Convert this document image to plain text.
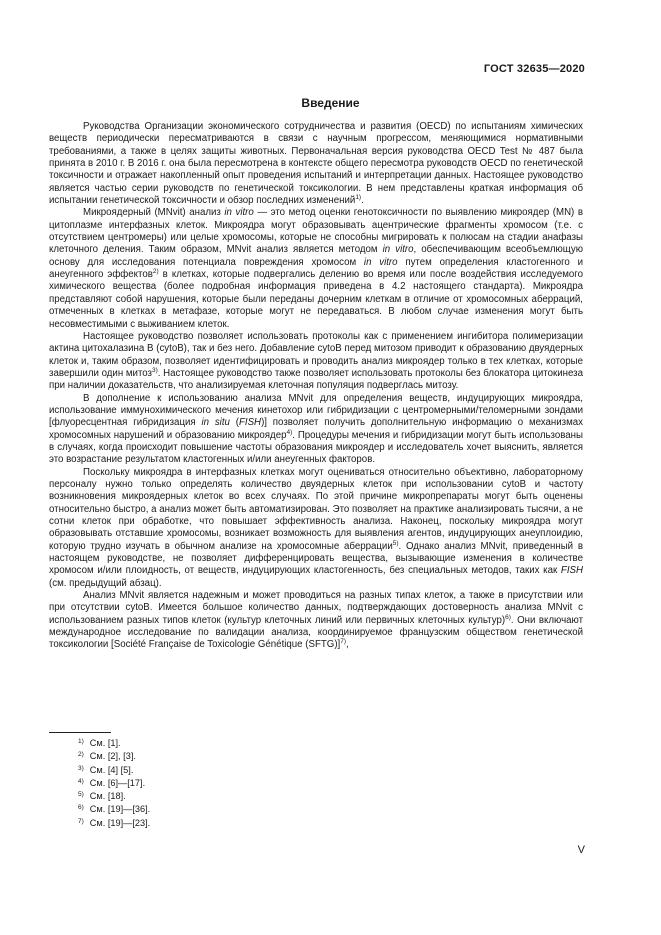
ГОСТ 32635—2020
Введение

Руководства Организации экономического сотрудничества и развития (OECD) по испытаниям химических веществ периодически пересматриваются в связи с научным прогрессом, меняющимися нормативными требованиями, а также в целях защиты животных. Первоначальная версия руководства OECD Test № 487 была принята в 2010 г. В 2016 г. она была пересмотрена в контексте общего пересмотра руководств OECD по генетической токсичности и отражает накопленный опыт проведения испытаний и интерпретации данных. Настоящее руководство является частью серии руководств по генетической токсикологии. В нем представлены краткая информация об испытании генетической токсичности и обзор последних изменений$^{1)}$.

Микроядерный (MNvit) анализ in vitro — это метод оценки генотоксичности по выявлению микроядер (MN) в цитоплазме интерфазных клеток. Микроядра могут образовывать ацентрические фрагменты хромосом (т.е. с отсутствием центромеры) или целые хромосомы, которые не способны мигрировать к полюсам на стадии анафазы клеточного деления. Таким образом, MNvit анализ является методом in vitro, обеспечивающим всеобъемлющую основу для исследования потенциала повреждения хромосом in vitro путем определения кластогенного и анеугенного эффектов$^{2)}$ в клетках, которые подвергались делению во время или после воздействия исследуемого химического вещества (более подробная информация приведена в 4.2 настоящего стандарта). Микроядра представляют собой нарушения, которые были переданы дочерним клеткам в отличие от хромосомных аберраций, отмеченных в клетках в метафазе, которые могут не передаваться. В любом случае изменения могут быть несовместимыми с выживанием клеток.

Настоящее руководство позволяет использовать протоколы как с применением ингибитора полимеризации актина цитохалазина В (cytoB), так и без него. Добавление cytoB перед митозом приводит к образованию двуядерных клеток и, таким образом, позволяет идентифицировать и проводить анализ микроядер только в тех клетках, которые завершили один митоз$^{3)}$. Настоящее руководство также позволяет использовать протоколы без блокатора цитокинеза при наличии доказательств, что анализируемая клеточная популяция подверглась митозу.

В дополнение к использованию анализа MNvit для определения веществ, индуцирующих микроядра, использование иммунохимического мечения кинетохор или гибридизации с центромерными/теломерными зондами [флуоресцентная гибридизация in situ (FISH)] позволяет получить дополнительную информацию о механизмах хромосомных нарушений и образованию микроядер$^{4)}$. Процедуры мечения и гибридизации могут быть использованы в случаях, когда происходит повышение частоты образования микроядер и исследователь хочет выяснить, является это возрастание результатом кластогенных и/или анеугенных факторов.

Поскольку микроядра в интерфазных клетках могут оцениваться относительно объективно, лабораторному персоналу нужно только определять количество двуядерных клеток при использовании cytoB и частоту возникновения микроядерных клеток во всех случаях. По этой причине микропрепараты могут быть оценены относительно быстро, а анализ может быть автоматизирован. Это позволяет на практике анализировать тысячи, а не сотни клеток при обработке, что повышает эффективность анализа. Наконец, поскольку микроядра могут образовывать отставшие хромосомы, возникает возможность для выявления агентов, индуцирующих анеуплоидию, которую трудно изучать в обычном анализе на хромосомные аберрации$^{5)}$. Однако анализ MNvit, приведенный в настоящем руководстве, не позволяет дифференцировать вещества, вызывающие изменения в количестве хромосом и/или плоидность, от веществ, индуцирующих кластогенность, без специальных методов, таких как FISH (см. предыдущий абзац).

Анализ MNvit является надежным и может проводиться на разных типах клеток, а также в присутствии или при отсутствии cytoB. Имеется большое количество данных, подтверждающих достоверность анализа MNvit с использованием разных типов клеток (культур клеточных линий или первичных клеточных культур)$^{6)}$. Они включают международное исследование по валидации анализа, координируемое французским обществом генетической токсикологии [Société Française de Toxicologie Génétique (SFTG)]$^{7)}$,

$^{1)}$ См. [1].
$^{2)}$ См. [2], [3].
$^{3)}$ См. [4] [5].
$^{4)}$ См. [6]—[17].
$^{5)}$ См. [18].
$^{6)}$ См. [19]—[36].
$^{7)}$ См. [19]—[23].
V
